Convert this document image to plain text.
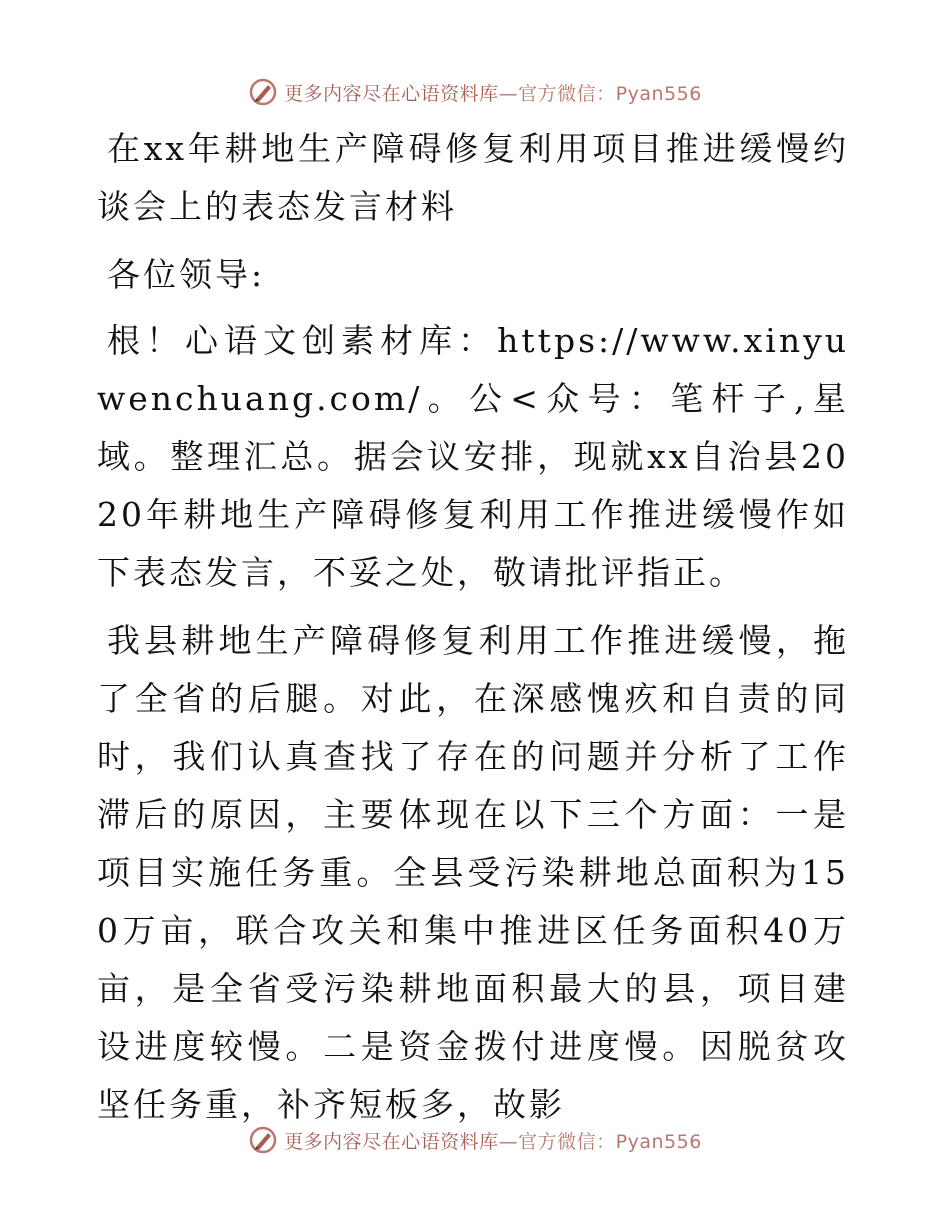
更多内容尽在心语资料库—官方微信：Pyan556

在xx年耕地生产障碍修复利用项目推进缓慢约谈会上的表态发言材料

各位领导:

根！心语文创素材库：https://www.xinyuwenchuang.com/。公<众号：笔杆子,星域。整理汇总。据会议安排，现就xx自治县2020年耕地生产障碍修复利用工作推进缓慢作如下表态发言，不妥之处，敬请批评指正。

我县耕地生产障碍修复利用工作推进缓慢，拖了全省的后腿。对此，在深感愧疚和自责的同时，我们认真查找了存在的问题并分析了工作滞后的原因，主要体现在以下三个方面：一是项目实施任务重。全县受污染耕地总面积为150万亩，联合攻关和集中推进区任务面积40万亩，是全省受污染耕地面积最大的县，项目建设进度较慢。二是资金拨付进度慢。因脱贫攻坚任务重，补齐短板多，故影

更多内容尽在心语资料库—官方微信：Pyan556
